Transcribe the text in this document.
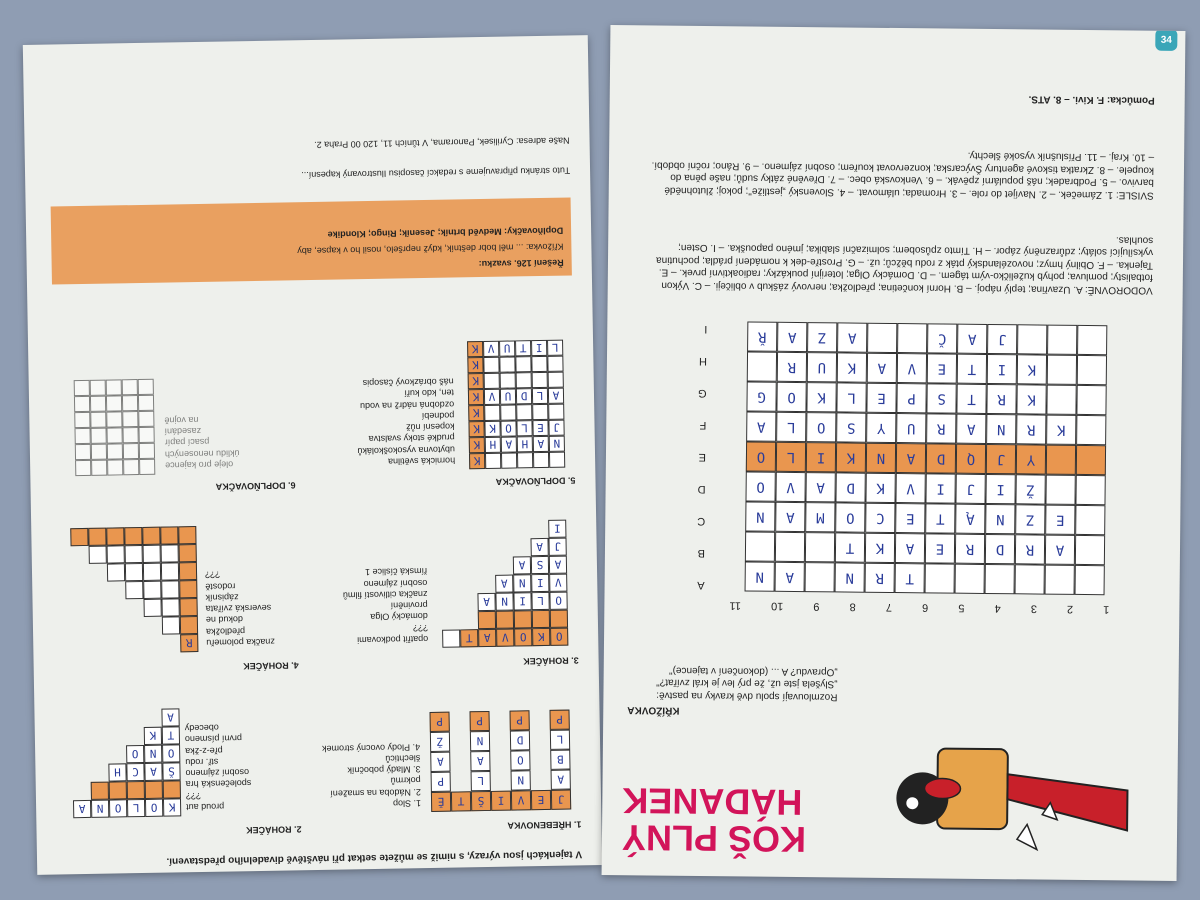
V tajenkách jsou výrazy, s nimiž se můžete setkat při návštěvě divadelního představení.
1. HŘEBENOVKA
J
E
V
I
Š
T
Ě
A
N
L
P
B
O
A
A
L
D
N
Ž
P
P
P
P
1. Slop
2. Nádoba na smažení
pokrmů
3. Mladý pobočník
šlechticů
4. Plody ovocný stromek
2. ROHÁČEK
K
O
L
O
N
A
Š
A
C
H
O
N
O
T
K
A
proud aut
???
společenská hra
osobní zájmeno
stř. rodu
pře-z-žka
první písmeno
obecedy
3. ROHÁČEK
O
K
O
V
A
T
O
L
I
N
A
V
I
N
A
A
S
A
J
A
I
opatřit podkovami
???
domácký Olga
provinění
značka citlivostí filmů
osobní zájmeno
římská číslice 1
4. ROHÁČEK
R	značka polomeřu
předložka
dokud ne
severská zvířata
zápisník
rodostě
???
5. DOPLŇOVAČKA
K
N
A
H
A
H
K
J
E
L
O
K
K
K
A
L
D
U
V
K
K
K
L
I
T
U
V
K
hornická světilna
ubytovna vysokoškoláků
prudké stoky svalstva
kopesní nůž
podnebí
ozdobná nádrž na vodu
ten, kdo kuří
náš obrázkový časopis
6. DOPLŇOVAČKA
oleje pro kajence
úklidu nenosených
psací papír
zasedání
na vojně
Řešení 126. svazku:
Křížovka: ... měl bobr deštník, když nepršelo, nosil ho v kapse, aby
Doplňovačky: Medvěd brtník; Jeseník; Ringo; Klondike
Tuto stránku připravujeme s redakcí časopisu Ilustrovaný kapesní...
Naše adresa: Cyrilisek, Panorama, V tůních 11, 120 00 Praha 2.
KOŠ PLNÝ
HÁDANEK
34
KŘÍŽOVKA
Rozmlouvají spolu dvě kravky na pastvě: „Slyšela jste už, že prý lev je král zvířat?" „Opravdu? A ... (dokončení v tajence)"
1
2
3
4
5
6
7
8
9
10
11
T
R
N
A
N
A
R
D
R
E
A
K
T
E
Z
N
Ą
T
E
C
O
M
A
N
Ž
I
J
I
V
K
D
A
V
O
Y
J
Q
D
A
N
K
I
L
O
K
R
N
A
R
U
Y
S
O
L
A
K
R
T
S
P
E
L
K
O
G
K
I
T
E
V
A
K
U
R
J
A
Č
A
Z
A
Ř
A
B
C
D
E
F
G
H
I
VODOROVNĚ: A. Uzavřina; teplý nápoj. – B. Horní končetina; předložka; nervový záškub v obličeji. – C. Výkon fotbalisty; pomluva; pohyb kuželičko-vým tágem. – D. Domácky Olga; loterijní poukázky; radioaktivní prvek. – E. Tajenka. – F. Obilný hmyz; novozélandský pták z rodu běžců; už. – G. Prostře-dek k nomádení prádla; pochutina vyksílující soláty; zdůrazněný zápor. – H. Tímto způsobem; solmizační slabika; jméno papouška. – I. Osten; souhlas.
SVISLE: 1. Zámeček. – 2. Navíjet do role. – 3. Hromada; ulámovat. – 4. Slovenský „jestliže"; pokoj; žlutohnědé barvivo. – 5. Podbradek; náš populární zpěvák. – 6. Venkovská obec. – 7. Dřevěné zátky sudů; naše pěna do koupele. – 8. Zkratka tiskové agentury Švýcarska; konzervovat kouřem; osobní zájmeno. – 9. Ráno; roční období. – 10. Kraj. – 11. Příslušník vysoké šlechty.
Pomůcka: F. Kivi. – 8. ATS.
